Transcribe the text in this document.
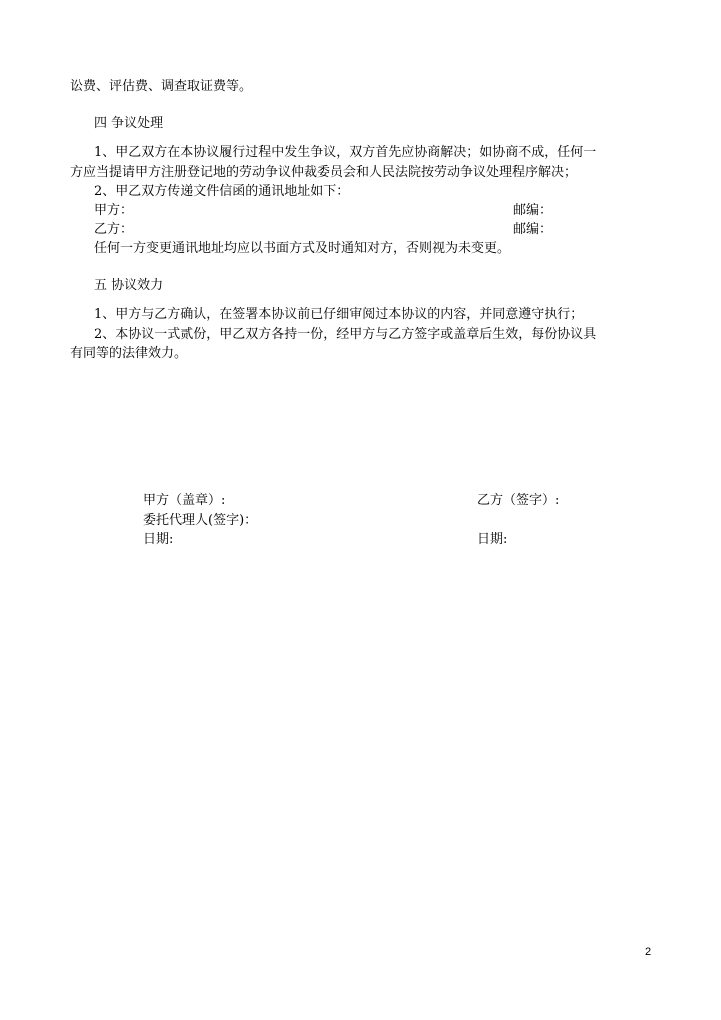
讼费、评估费、调查取证费等。
四 争议处理
1、甲乙双方在本协议履行过程中发生争议，双方首先应协商解决；如协商不成，任何一
方应当提请甲方注册登记地的劳动争议仲裁委员会和人民法院按劳动争议处理程序解决；
2、甲乙双方传递文件信函的通讯地址如下：
甲方：	邮编：
乙方：	邮编：
任何一方变更通讯地址均应以书面方式及时通知对方，否则视为未变更。
五 协议效力
1、甲方与乙方确认，在签署本协议前已仔细审阅过本协议的内容，并同意遵守执行；
2、本协议一式贰份，甲乙双方各持一份，经甲方与乙方签字或盖章后生效，每份协议具
有同等的法律效力。
甲方（盖章）:	乙方（签字）:
委托代理人(签字)：
日期:	日期:
2
